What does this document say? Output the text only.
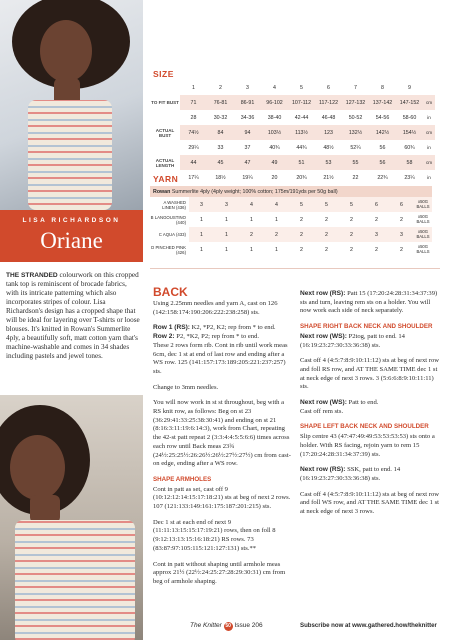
LISA RICHARDSON
Oriane
THE STRANDED colourwork on this cropped tank top is reminiscent of brocade fabrics, with its intricate patterning which also incorporates stripes of colour. Lisa Richardson's design has a cropped shape that will be ideal for layering over T-shirts or loose blouses. It's knitted in Rowan's Summerlite 4ply, a beautifully soft, matt cotton yarn that's machine-washable and comes in 34 shades including pastels and jewel tones.
SIZE
	1	2	3	4	5	6	7	8	9	
TO FIT BUST	71	76-81	86-91	96-102	107-112	117-122	127-132	137-142	147-152	cm
	28	30-32	34-36	38-40	42-44	46-48	50-52	54-56	58-60	in
ACTUAL BUST	74½	84	94	103½	113½	123	132½	142½	154½	cm
	29¼	33	37	40¾	44¾	48½	52¼	56	60¾	in
ACTUAL LENGTH	44	45	47	49	51	53	55	56	58	cm
	17¼	18½	19¼	20	20¾	21½	22	22¾	23¼	in
YARN
Rowan Summerlite 4ply (4ply weight; 100% cotton; 175m/191yds per 50g ball)										
A WASHED LINEN (436)	3	3	4	4	5	5	5	6	6	x50G BALLS
B LANGOUSTINO (440)	1	1	1	1	2	2	2	2	2	x50G BALLS
C AQUA (433)	1	1	2	2	2	2	2	3	3	x50G BALLS
D PINCHED PINK (426)	1	1	1	1	2	2	2	2	2	x50G BALLS
BACK
Using 2.25mm needles and yarn A, cast on 126 (142:158:174:190:206:222:238:258) sts.
Row 1 (RS): K2, *P2, K2; rep from * to end.
Row 2: P2, *K2, P2; rep from * to end.
These 2 rows form rib. Cont in rib until work meas 6cm, dec 1 st at end of last row and ending after a WS row. 125 (141:157:173:189:205:221:237:257) sts.
Change to 3mm needles.
You will now work in st st throughout, beg with a RS knit row, as follows: Beg on st 23 (36:29:41:33:25:38:30:41) and ending on st 21 (8:16:3:11:19:6:14:3), work from Chart, repeating the 42-st patt repeat 2 (3:3:4:4:5:5:6:6) times across each row until Back meas 23¾ (24½:25:25½:26:26½:26½:27½:27½) cm from cast-on edge, ending after a WS row.
SHAPE ARMHOLES
Cont in patt as set, cast off 9 (10:12:12:14:15:17:18:21) sts at beg of next 2 rows. 107 (121:133:149:161:175:187:201:215) sts.
Dec 1 st at each end of next 9 (11:11:13:15:15:17:19:21) rows, then on foll 8 (9:12:13:13:15:16:18:21) RS rows. 73 (83:87:97:105:115:121:127:131) sts.**
Cont in patt without shaping until armhole meas approx 21½ (22½:24:25:27:28:29:30:31) cm from beg of armhole shaping.
Next row (RS): Patt 15 (17:20:24:28:31:34:37:39) sts and turn, leaving rem sts on a holder. You will now work each side of neck separately.
SHAPE RIGHT BACK NECK AND SHOULDER
Next row (WS): P2tog, patt to end. 14 (16:19:23:27:30:33:36:38) sts.
Cast off 4 (4:5:7:8:9:10:11:12) sts at beg of next row and foll RS row, and AT THE SAME TIME dec 1 st at neck edge of next 3 rows. 3 (5:6:6:8:9:10:11:11) sts.
Next row (WS): Patt to end.
Cast off rem sts.
SHAPE LEFT BACK NECK AND SHOULDER
Slip centre 43 (47:47:49:49:53:53:53:53) sts onto a holder. With RS facing, rejoin yarn to rem 15 (17:20:24:28:31:34:37:39) sts.
Next row (RS): SSK, patt to end. 14 (16:19:23:27:30:33:36:38) sts.
Cast off 4 (4:5:7:8:9:10:11:12) sts at beg of next row and foll WS row, and AT THE SAME TIME dec 1 st at neck edge of next 3 rows.
The Knitter 50 Issue 206	Subscribe now at www.gathered.how/theknitter
